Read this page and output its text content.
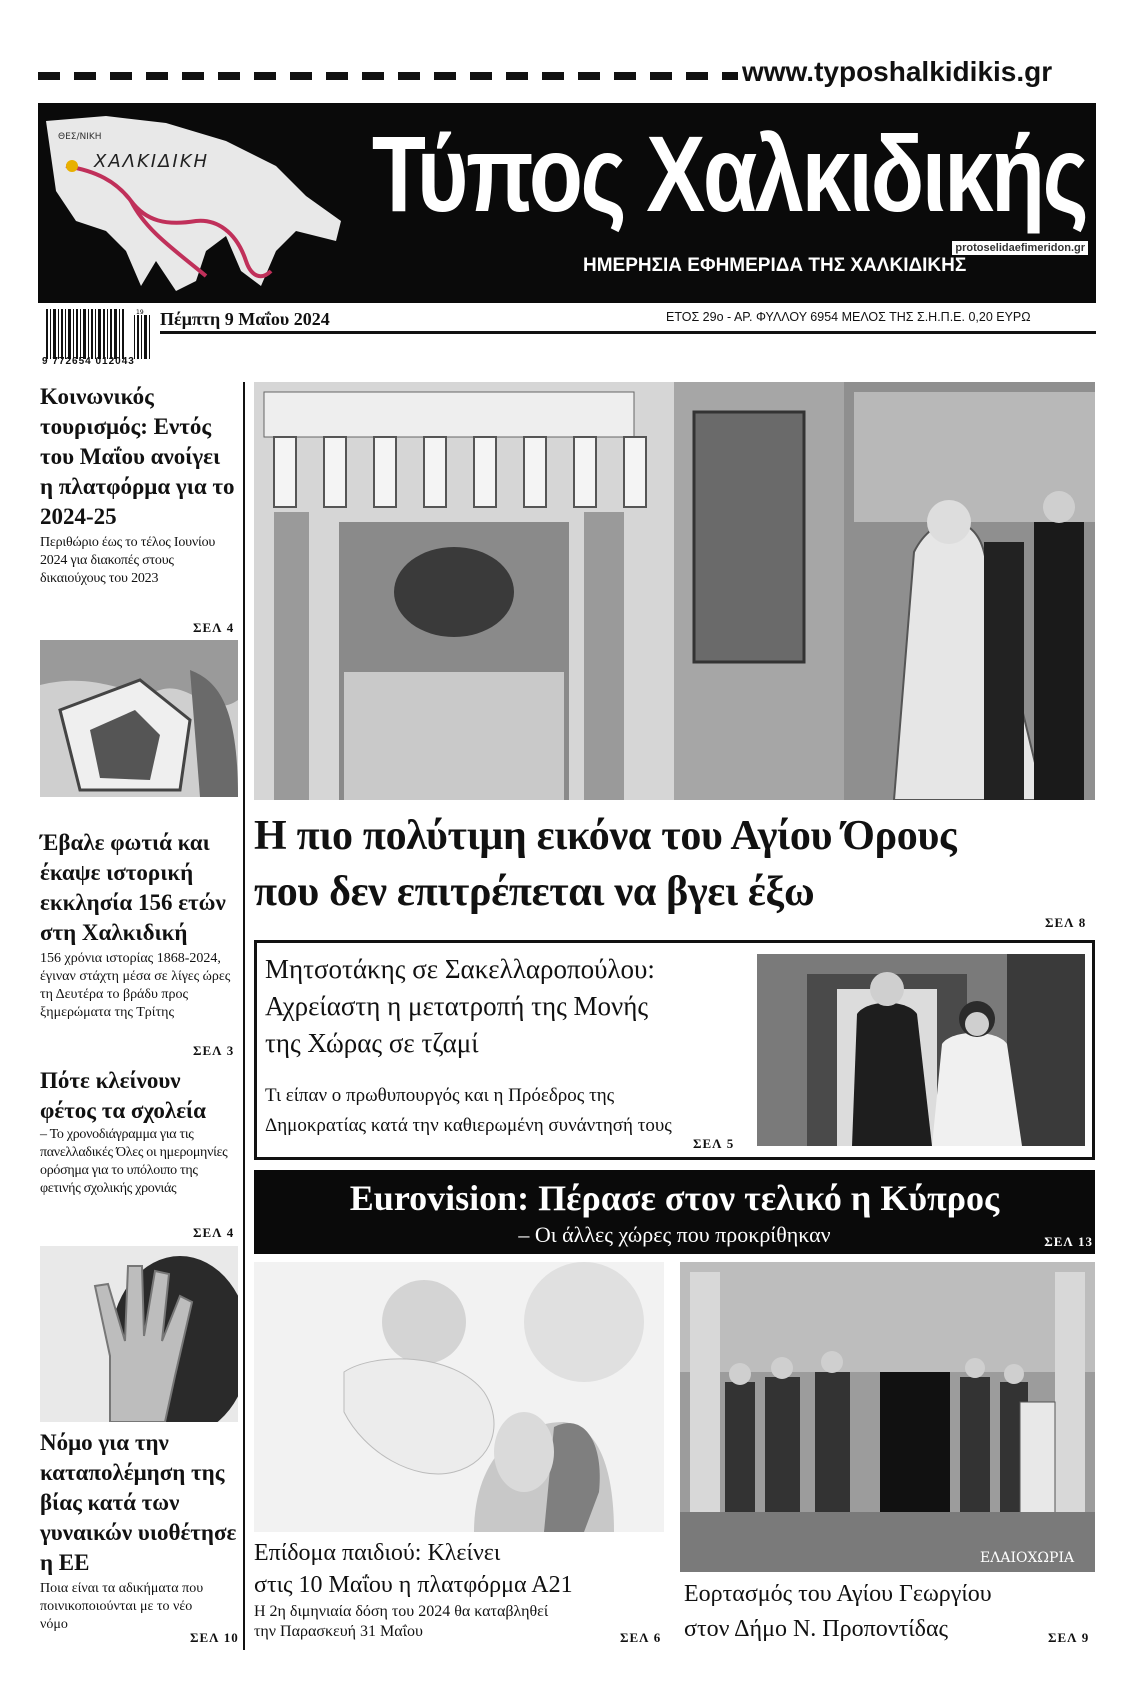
www.typoshalkidikis.gr
ΘΕΣ/ΝΙΚΗ
ΧΑΛΚΙΔΙΚΗ Τύπος Χαλκιδικής
ΗΜΕΡΗΣΙΑ ΕΦΗΜΕΡΙΔΑ ΤΗΣ ΧΑΛΚΙΔΙΚΗΣ
protoselidaefimeridon.gr
19
9 772654 012043
Πέμπτη 9 Μαΐου 2024	ΕΤΟΣ 29ο - ΑΡ. ΦΥΛΛΟΥ 6954 ΜΕΛΟΣ ΤΗΣ Σ.Η.Π.Ε. 0,20 ΕΥΡΩ
Κοινωνικός τουρισμός: Εντός του Μαΐου ανοίγει η πλατφόρμα για το 2024-25

Περιθώριο έως το τέλος Ιουνίου 2024 για διακοπές στους δικαιούχους του 2023

ΣΕΛ 4
Έβαλε φωτιά και έκαψε ιστορική εκκλησία 156 ετών στη Χαλκιδική

156 χρόνια ιστορίας 1868-2024, έγιναν στάχτη μέσα σε λίγες ώρες τη Δευτέρα το βράδυ προς ξημερώματα της Τρίτης

ΣΕΛ 3
Πότε κλείνουν φέτος τα σχολεία

– Το χρονοδιάγραμμα για τις πανελλαδικές Όλες οι ημερομηνίες ορόσημα για το υπόλοιπο της φετινής σχολικής χρονιάς

ΣΕΛ 4
Νόμο για την καταπολέμηση της βίας κατά των γυναικών υιοθέτησε η ΕΕ

Ποια είναι τα αδικήματα που ποινικοποιούνται με το νέο νόμο

ΣΕΛ 10
Η πιο πολύτιμη εικόνα του Αγίου Όρους
που δεν επιτρέπεται να βγει έξω
ΣΕΛ 8
Μητσοτάκης σε Σακελλαροπούλου:
Αχρείαστη η μετατροπή της Μονής
της Χώρας σε τζαμί
Τι είπαν ο πρωθυπουργός και η Πρόεδρος της
Δημοκρατίας κατά την καθιερωμένη συνάντησή τους
ΣΕΛ 5
Eurovision: Πέρασε στον τελικό η Κύπρος
– Οι άλλες χώρες που προκρίθηκαν	ΣΕΛ 13
Επίδομα παιδιού: Κλείνει
στις 10 Μαΐου η πλατφόρμα Α21
Η 2η διμηνιαία δόση του 2024 θα καταβληθεί
την Παρασκευή 31 Μαΐου	ΣΕΛ 6
ΕΛΑΙΟΧΩΡΙΑ
Εορτασμός του Αγίου Γεωργίου
στον Δήμο Ν. Προποντίδας	ΣΕΛ 9
